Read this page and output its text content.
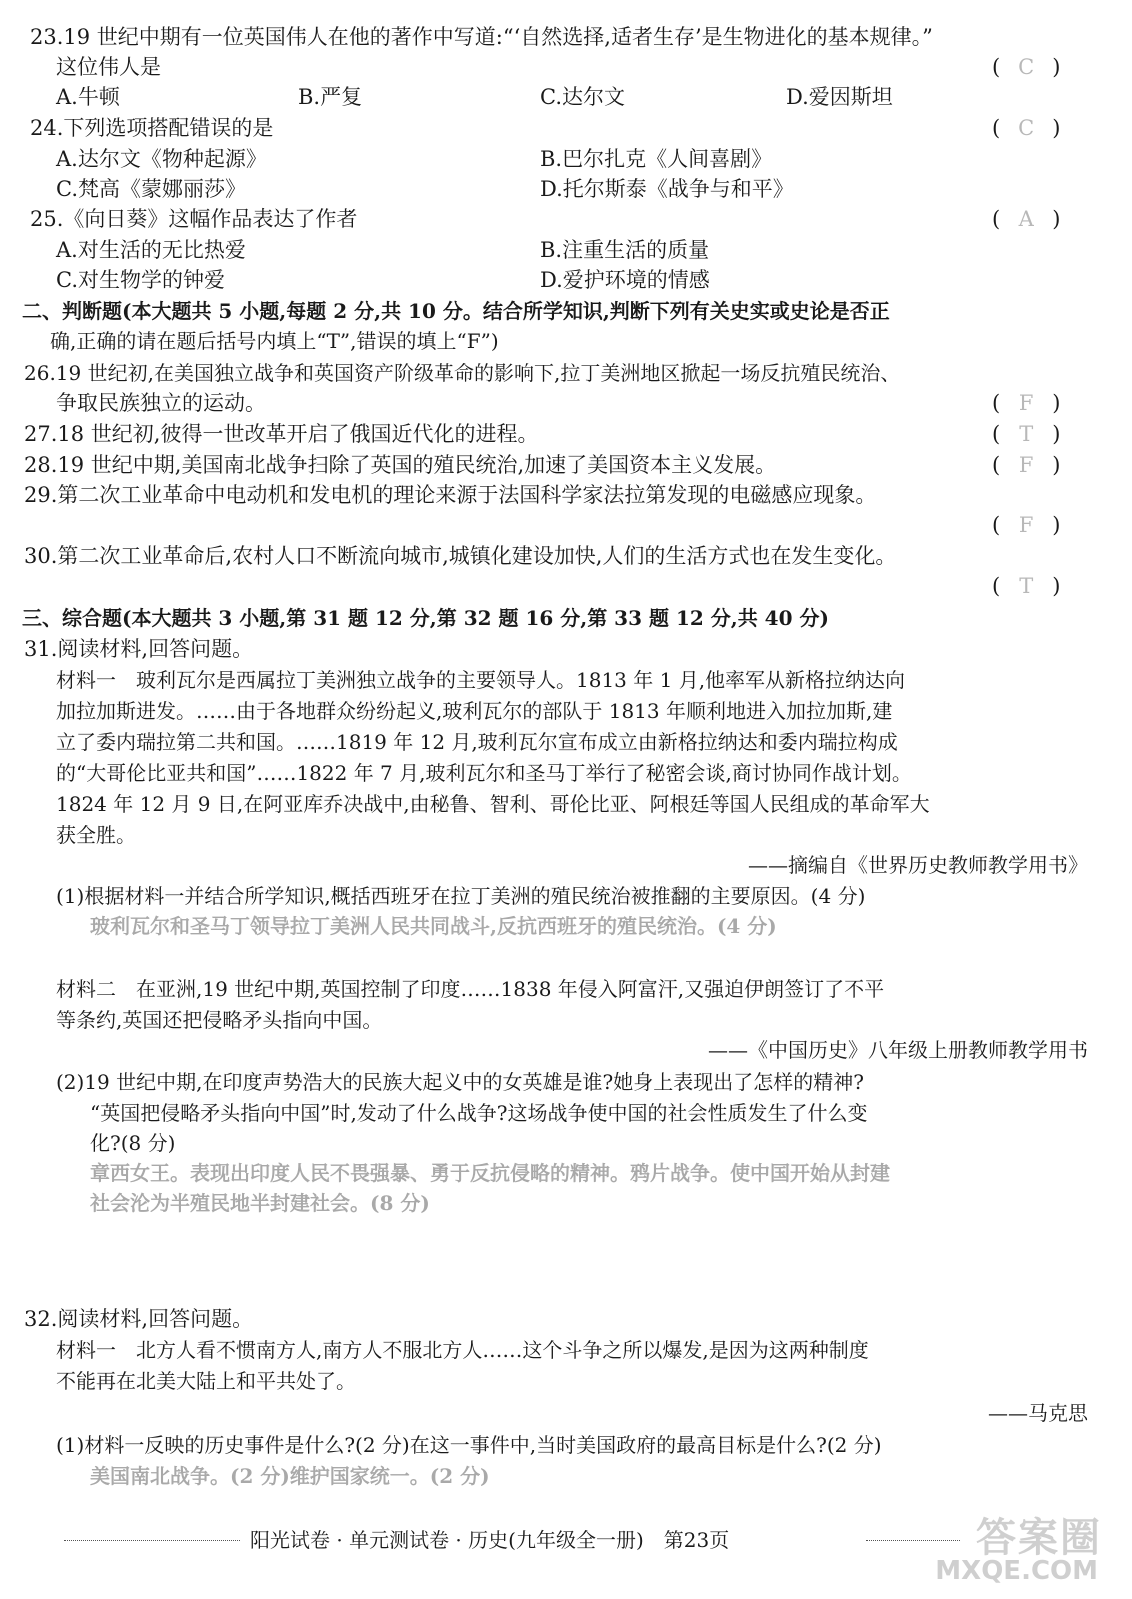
23.19 世纪中期有一位英国伟人在他的著作中写道:“‘自然选择,适者生存’是生物进化的基本规律。”
这位伟人是	( C )
A.牛顿	B.严复	C.达尔文	D.爱因斯坦
24.下列选项搭配错误的是	( C )
A.达尔文《物种起源》	B.巴尔扎克《人间喜剧》
C.梵高《蒙娜丽莎》	D.托尔斯泰《战争与和平》
25.《向日葵》这幅作品表达了作者	( A )
A.对生活的无比热爱	B.注重生活的质量
C.对生物学的钟爱	D.爱护环境的情感
二、判断题(本大题共 5 小题,每题 2 分,共 10 分。结合所学知识,判断下列有关史实或史论是否正
确,正确的请在题后括号内填上“T”,错误的填上“F”)
26.19 世纪初,在美国独立战争和英国资产阶级革命的影响下,拉丁美洲地区掀起一场反抗殖民统治、
争取民族独立的运动。	( F )
27.18 世纪初,彼得一世改革开启了俄国近代化的进程。	( T )
28.19 世纪中期,美国南北战争扫除了英国的殖民统治,加速了美国资本主义发展。	( F )
29.第二次工业革命中电动机和发电机的理论来源于法国科学家法拉第发现的电磁感应现象。
( F )
30.第二次工业革命后,农村人口不断流向城市,城镇化建设加快,人们的生活方式也在发生变化。
( T )
三、综合题(本大题共 3 小题,第 31 题 12 分,第 32 题 16 分,第 33 题 12 分,共 40 分)
31.阅读材料,回答问题。
材料一　玻利瓦尔是西属拉丁美洲独立战争的主要领导人。1813 年 1 月,他率军从新格拉纳达向
加拉加斯进发。……由于各地群众纷纷起义,玻利瓦尔的部队于 1813 年顺利地进入加拉加斯,建
立了委内瑞拉第二共和国。……1819 年 12 月,玻利瓦尔宣布成立由新格拉纳达和委内瑞拉构成
的“大哥伦比亚共和国”……1822 年 7 月,玻利瓦尔和圣马丁举行了秘密会谈,商讨协同作战计划。
1824 年 12 月 9 日,在阿亚库乔决战中,由秘鲁、智利、哥伦比亚、阿根廷等国人民组成的革命军大
获全胜。
——摘编自《世界历史教师教学用书》
(1)根据材料一并结合所学知识,概括西班牙在拉丁美洲的殖民统治被推翻的主要原因。(4 分)
玻利瓦尔和圣马丁领导拉丁美洲人民共同战斗,反抗西班牙的殖民统治。(4 分)
材料二　在亚洲,19 世纪中期,英国控制了印度……1838 年侵入阿富汗,又强迫伊朗签订了不平
等条约,英国还把侵略矛头指向中国。
——《中国历史》八年级上册教师教学用书
(2)19 世纪中期,在印度声势浩大的民族大起义中的女英雄是谁?她身上表现出了怎样的精神?
“英国把侵略矛头指向中国”时,发动了什么战争?这场战争使中国的社会性质发生了什么变
化?(8 分)
章西女王。表现出印度人民不畏强暴、勇于反抗侵略的精神。鸦片战争。使中国开始从封建
社会沦为半殖民地半封建社会。(8 分)
32.阅读材料,回答问题。
材料一　北方人看不惯南方人,南方人不服北方人……这个斗争之所以爆发,是因为这两种制度
不能再在北美大陆上和平共处了。
——马克思
(1)材料一反映的历史事件是什么?(2 分)在这一事件中,当时美国政府的最高目标是什么?(2 分)
美国南北战争。(2 分)维护国家统一。(2 分)
阳光试卷 · 单元测试卷 · 历史(九年级全一册)　第23页	答案圈
MXQE.COM
